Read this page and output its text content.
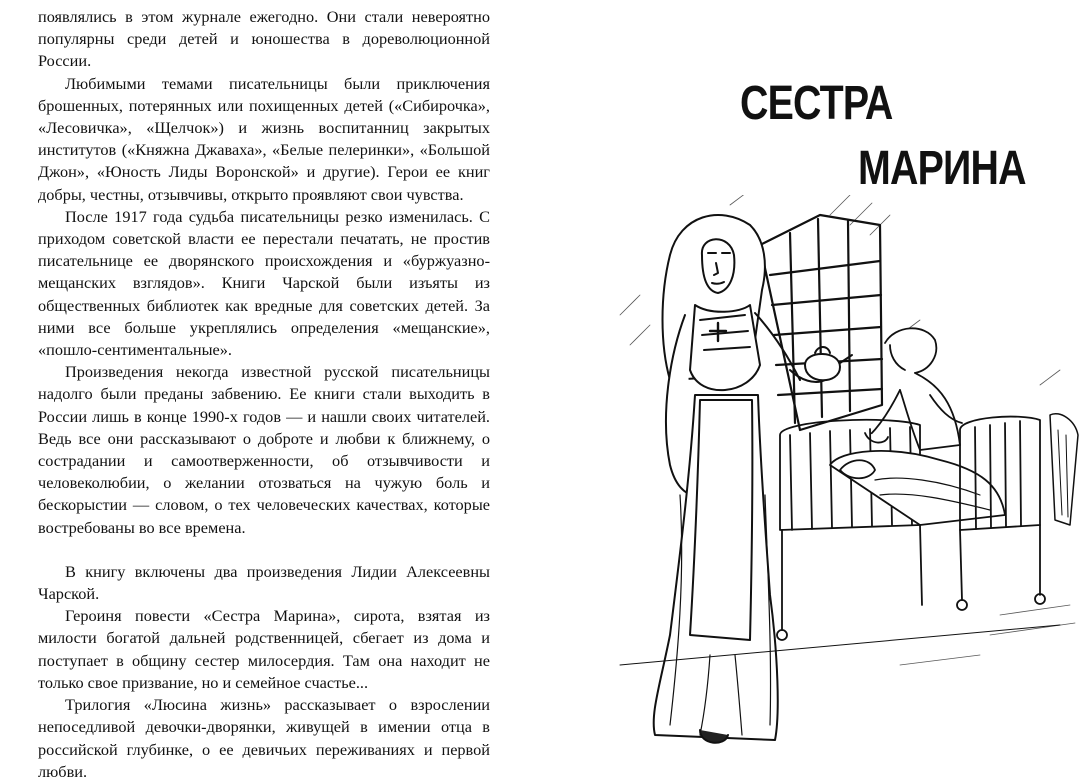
появлялись в этом журнале ежегодно. Они стали невероятно популярны среди детей и юношества в дореволюционной России.

Любимыми темами писательницы были приключения брошенных, потерянных или похищенных детей («Сибирочка», «Лесовичка», «Щелчок») и жизнь воспитанниц закрытых институтов («Княжна Джаваха», «Белые пелеринки», «Большой Джон», «Юность Лиды Воронской» и другие). Герои ее книг добры, честны, отзывчивы, открыто проявляют свои чувства.

После 1917 года судьба писательницы резко изменилась. С приходом советской власти ее перестали печатать, не простив писательнице ее дворянского происхождения и «буржуазно-мещанских взглядов». Книги Чарской были изъяты из общественных библиотек как вредные для советских детей. За ними все больше укреплялись определения «мещанские», «пошло-сентиментальные».

Произведения некогда известной русской писательницы надолго были преданы забвению. Ее книги стали выходить в России лишь в конце 1990-х годов — и нашли своих читателей. Ведь все они рассказывают о доброте и любви к ближнему, о сострадании и самоотверженности, об отзывчивости и человеколюбии, о желании отозваться на чужую боль и бескорыстии — словом, о тех человеческих качествах, которые востребованы во все времена.

В книгу включены два произведения Лидии Алексеевны Чарской.

Героиня повести «Сестра Марина», сирота, взятая из милости богатой дальней родственницей, сбегает из дома и поступает в общину сестер милосердия. Там она находит не только свое призвание, но и семейное счастье...

Трилогия «Люсина жизнь» рассказывает о взрослении непоседливой девочки-дворянки, живущей в имении отца в российской глубинке, о ее девичьих переживаниях и первой любви.

СЕСТРА
МАРИНА
